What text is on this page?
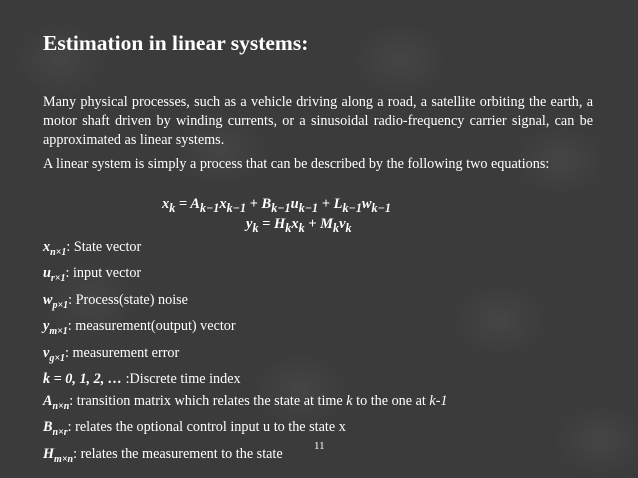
Estimation in linear systems:

Many physical processes, such as a vehicle driving along a road, a satellite orbiting the earth, a motor shaft driven by winding currents, or a sinusoidal radio-frequency carrier signal, can be approximated as linear systems.

A linear system is simply a process that can be described by the following two equations:

$x_k = A_{k-1}x_{k-1} + B_{k-1}u_{k-1} + L_{k-1}w_{k-1}$
$y_k = H_kx_k + M_kv_k$
$x_{n\times 1}$: State vector
$u_{r\times 1}$: input vector
$w_{p\times 1}$: Process(state) noise
$y_{m\times 1}$: measurement(output) vector
$v_{g\times 1}$: measurement error
k = 0, 1, 2, … :Discrete time index
$A_{n\times n}$: transition matrix which relates the state at time k to the one at k-1
$B_{n\times r}$: relates the optional control input u to the state x
$H_{m\times n}$: relates the measurement to the state	11
